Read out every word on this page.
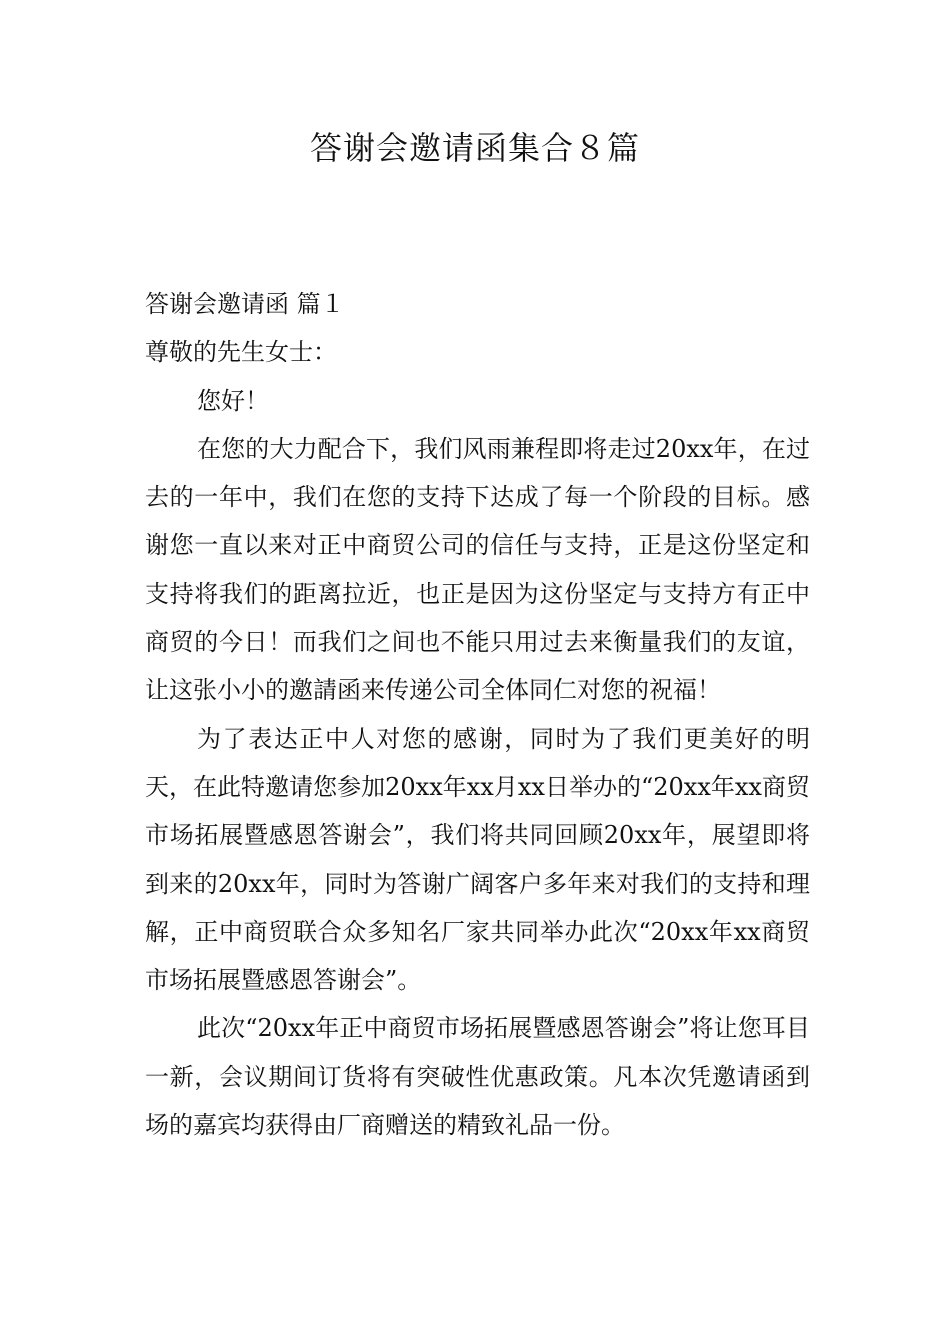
答谢会邀请函集合８篇

答谢会邀请函 篇１

尊敬的先生女士：

您好！

在您的大力配合下，我们风雨兼程即将走过20xx年，在过去的一年中，我们在您的支持下达成了每一个阶段的目标。感谢您一直以来对正中商贸公司的信任与支持，正是这份坚定和支持将我们的距离拉近，也正是因为这份坚定与支持方有正中商贸的今日！而我们之间也不能只用过去来衡量我们的友谊，让这张小小的邀請函来传递公司全体同仁对您的祝福！

为了表达正中人对您的感谢，同时为了我们更美好的明天，在此特邀请您参加20xx年xx月xx日举办的“20xx年xx商贸市场拓展暨感恩答谢会”，我们将共同回顾20xx年，展望即将到来的20xx年，同时为答谢广阔客户多年来对我们的支持和理解，正中商贸联合众多知名厂家共同举办此次“20xx年xx商贸市场拓展暨感恩答谢会”。

此次“20xx年正中商贸市场拓展暨感恩答谢会”将让您耳目一新，会议期间订货将有突破性优惠政策。凡本次凭邀请函到场的嘉宾均获得由厂商赠送的精致礼品一份。
